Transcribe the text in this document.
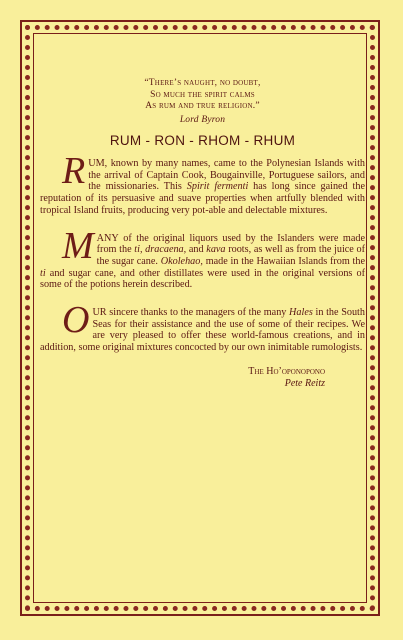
“There’s naught, no doubt,
So much the spirit calms
As rum and true religion.”
Lord Byron
RUM - RON - RHOM - RHUM
RUM, known by many names, came to the Polynesian Islands with the arrival of Captain Cook, Bougainville, Portuguese sailors, and the missionaries. This Spirit fermenti has long since gained the reputation of its persuasive and suave properties when artfully blended with tropical Island fruits, producing very pot-able and delectable mixtures.
MANY of the original liquors used by the Islanders were made from the ti, dracaena, and kava roots, as well as from the juice of the sugar cane. Okolehao, made in the Hawaiian Islands from the ti and sugar cane, and other distillates were used in the original versions of some of the potions herein described.
OUR sincere thanks to the managers of the many Hales in the South Seas for their assistance and the use of some of their recipes. We are very pleased to offer these world-famous creations, and in addition, some original mixtures concocted by our own inimitable rumologists.
The Ho’oponopono
Pete Reitz
